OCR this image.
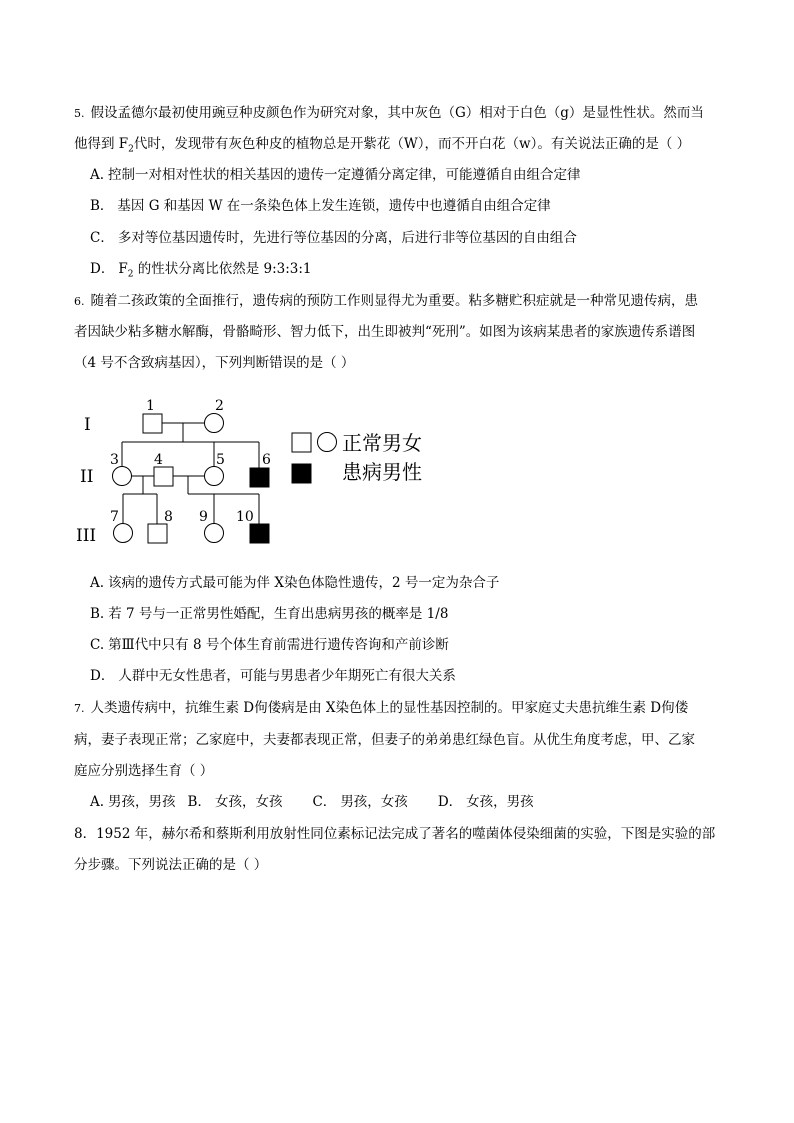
5. 假设孟德尔最初使用豌豆种皮颜色作为研究对象，其中灰色（G）相对于白色（g）是显性性状。然而当
他得到 $F_2$代时，发现带有灰色种皮的植物总是开紫花（W），而不开白花（w）。有关说法正确的是（ ）
A. 控制一对相对性状的相关基因的遗传一定遵循分离定律，可能遵循自由组合定律
B． 基因 G 和基因 W 在一条染色体上发生连锁，遗传中也遵循自由组合定律
C． 多对等位基因遗传时，先进行等位基因的分离，后进行非等位基因的自由组合
D． $F_2$ 的性状分离比依然是 9:3:3:1
6. 随着二孩政策的全面推行，遗传病的预防工作则显得尤为重要。粘多糖贮积症就是一种常见遗传病，患
者因缺少粘多糖水解酶，骨骼畸形、智力低下，出生即被判“死刑”。如图为该病某患者的家族遗传系谱图
（4 号不含致病基因），下列判断错误的是（ ）
I
II
III
1	2
3	4	5	6
7	8 9 10
正常男女
患病男性
A. 该病的遗传方式最可能为伴 X染色体隐性遗传，2 号一定为杂合子
B. 若 7 号与一正常男性婚配，生育出患病男孩的概率是 1/8
C. 第Ⅲ代中只有 8 号个体生育前需进行遗传咨询和产前诊断
D． 人群中无女性患者，可能与男患者少年期死亡有很大关系
7. 人类遗传病中，抗维生素 D佝偻病是由 X染色体上的显性基因控制的。甲家庭丈夫患抗维生素 D佝偻
病，妻子表现正常；乙家庭中，夫妻都表现正常，但妻子的弟弟患红绿色盲。从优生角度考虑，甲、乙家
庭应分别选择生育（ ）
A. 男孩，男孩 B． 女孩，女孩 C． 男孩，女孩 D． 女孩，男孩
8．1952 年，赫尔希和蔡斯利用放射性同位素标记法完成了著名的噬菌体侵染细菌的实验，下图是实验的部
分步骤。下列说法正确的是（ ）
